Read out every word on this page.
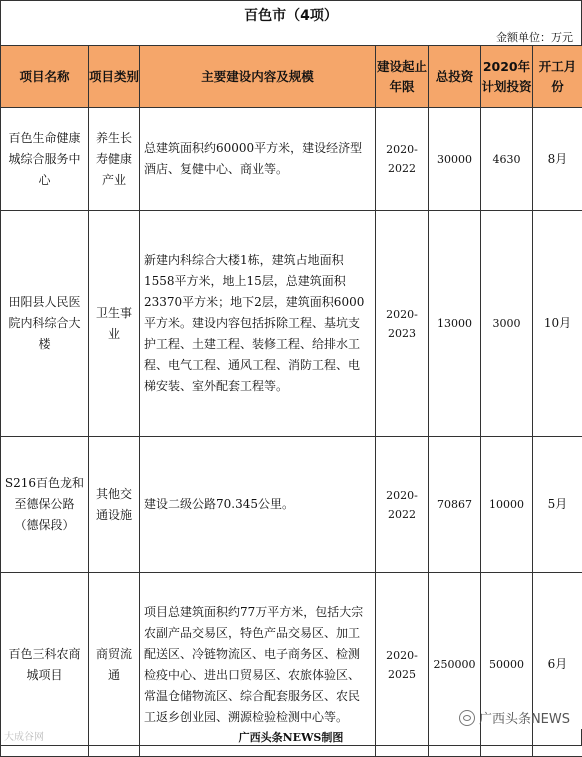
百色市（4项）
金额单位：万元
项目名称	项目类别	主要建设内容及规模	建设起止年限	总投资	2020年计划投资	开工月份
百色生命健康城综合服务中心	养生长寿健康产业	总建筑面积约60000平方米，建设经济型酒店、复健中心、商业等。	2020-2022	30000	4630	8月
田阳县人民医院内科综合大楼	卫生事业	新建内科综合大楼1栋，建筑占地面积1558平方米，地上15层，总建筑面积23370平方米；地下2层，建筑面积6000平方米。建设内容包括拆除工程、基坑支护工程、土建工程、装修工程、给排水工程、电气工程、通风工程、消防工程、电梯安装、室外配套工程等。	2020-2023	13000	3000	10月
S216百色龙和至德保公路（德保段）	其他交通设施	建设二级公路70.345公里。	2020-2022	70867	10000	5月
百色三科农商城项目	商贸流通	项目总建筑面积约77万平方米，包括大宗农副产品交易区，特色产品交易区、加工配送区、冷链物流区、电子商务区、检测检疫中心、进出口贸易区、农旅体验区、常温仓储物流区、综合配套服务区、农民工返乡创业园、溯源检验检测中心等。	2020-2025	250000	50000	6月
广西头条NEWS
广西头条NEWS制图
大成谷网
